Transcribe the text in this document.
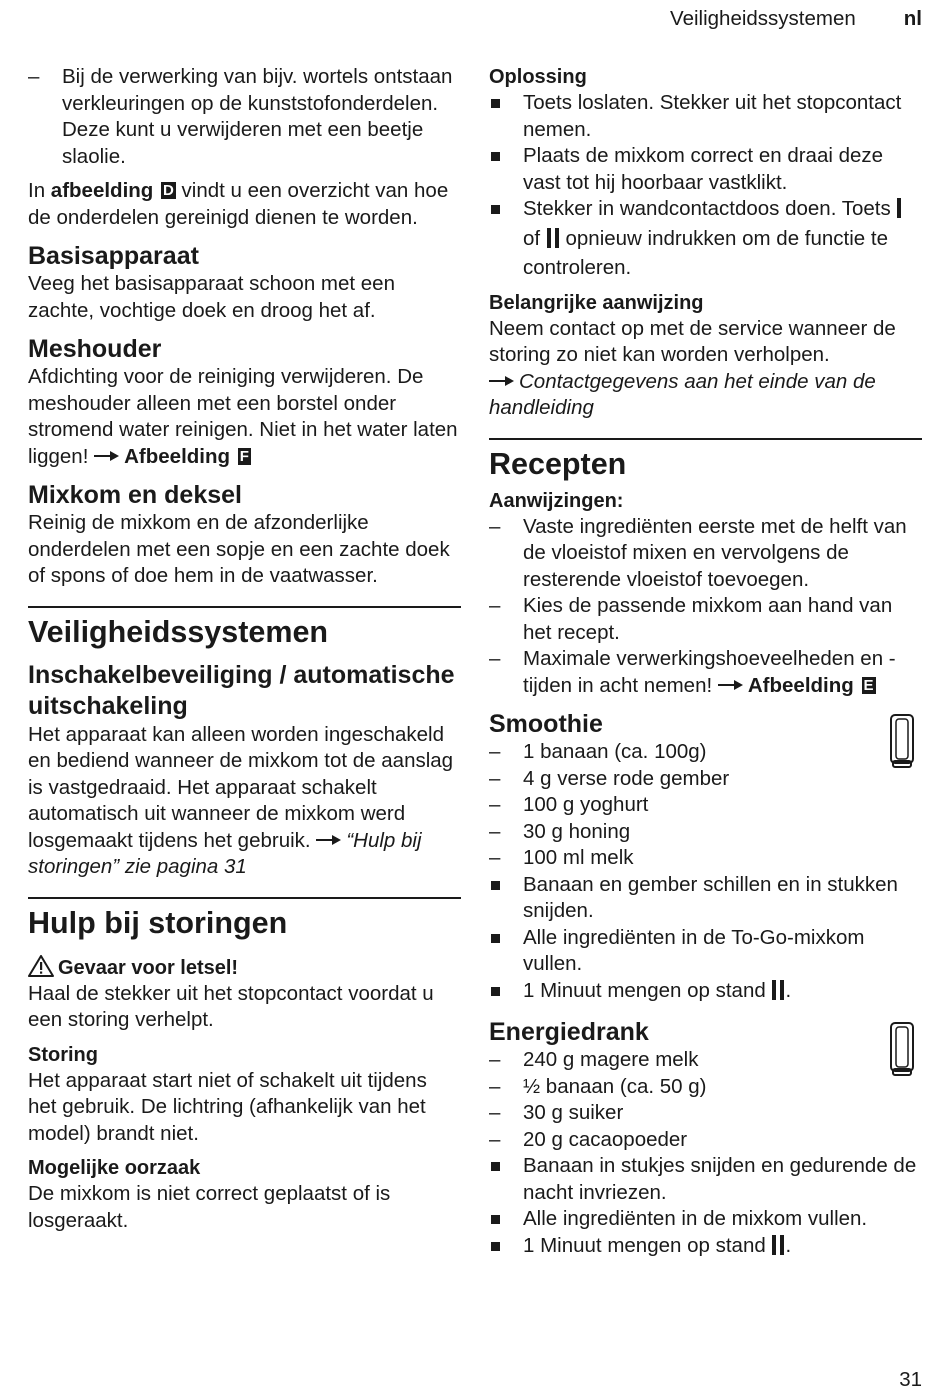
Veiligheidssystemen nl

– Bij de verwerking van bijv. wortels ontstaan verkleuringen op de kunststofonderdelen. Deze kunt u verwijderen met een beetje slaolie.

In afbeelding D vindt u een overzicht van hoe de onderdelen gereinigd dienen te worden.

Basisapparaat

Veeg het basisapparaat schoon met een zachte, vochtige doek en droog het af.

Meshouder

Afdichting voor de reiniging verwijderen. De meshouder alleen met een borstel onder stromend water reinigen. Niet in het water laten liggen!
Afbeelding F

Mixkom en deksel

Reinig de mixkom en de afzonderlijke onderdelen met een sopje en een zachte doek of spons of doe hem in de vaatwasser.

Veiligheidssystemen
Inschakelbeveiliging / automatische uitschakeling

Het apparaat kan alleen worden ingeschakeld en bediend wanneer de mixkom tot de aanslag is vastgedraaid. Het apparaat schakelt automatisch uit wanneer de mixkom werd losgemaakt tijdens het gebruik.
“Hulp bij storingen” zie pagina 31

Hulp bij storingen
Gevaar voor letsel!

Haal de stekker uit het stopcontact voordat u een storing verhelpt.

Storing

Het apparaat start niet of schakelt uit tijdens het gebruik. De lichtring (afhankelijk van het model) brandt niet.

Mogelijke oorzaak

De mixkom is niet correct geplaatst of is losgeraakt.

Oplossing

Toets loslaten. Stekker uit het stopcontact nemen.

Plaats de mixkom correct en draai deze vast tot hij hoorbaar vastklikt.

Stekker in wandcontactdoos doen. Toets  of  opnieuw indrukken om de functie te controleren.

Belangrijke aanwijzing

Neem contact op met de service wanneer de storing zo niet kan worden verholpen.

Contactgegevens aan het einde van de handleiding

Recepten
Aanwijzingen:

– Vaste ingrediënten eerste met de helft van de vloeistof mixen en vervolgens de resterende vloeistof toevoegen.

– Kies de passende mixkom aan hand van het recept.

– Maximale verwerkingshoeveelheden en -tijden in acht nemen!
Afbeelding E

Smoothie

– 1 banaan (ca. 100g)

– 4 g verse rode gember

– 100 g yoghurt

– 30 g honing

– 100 ml melk

Banaan en gember schillen en in stukken snijden.

Alle ingrediënten in de To-Go-mixkom vullen.

1 Minuut mengen op stand .

Energiedrank

– 240 g magere melk

– ½ banaan (ca. 50 g)

– 30 g suiker

– 20 g cacaopoeder

Banaan in stukjes snijden en gedurende de nacht invriezen.

Alle ingrediënten in de mixkom vullen.

1 Minuut mengen op stand .

31
